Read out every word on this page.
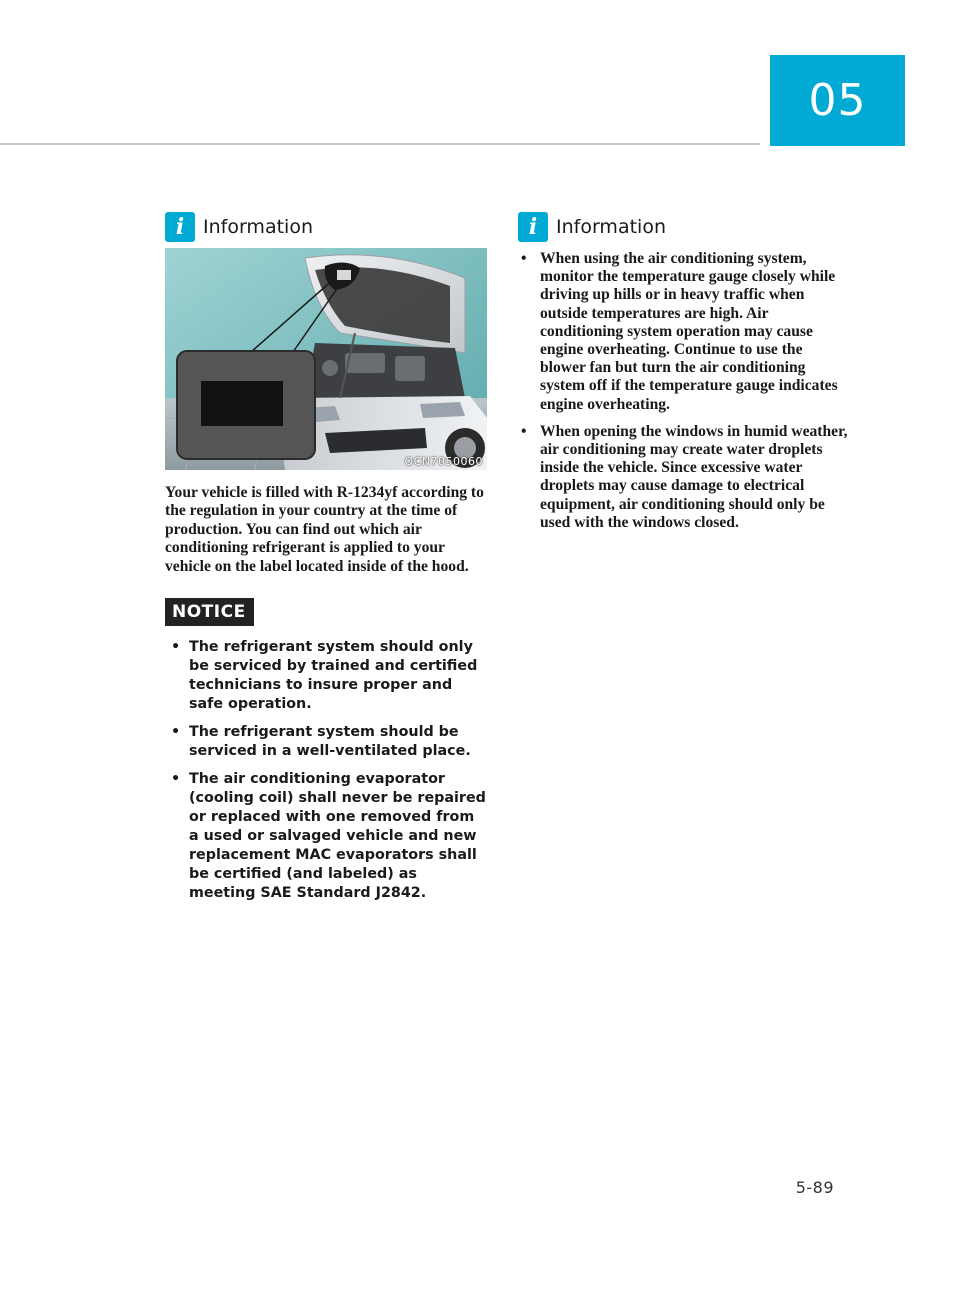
05
i Information
OCN7050060

Your vehicle is filled with R-1234yf according to the regulation in your country at the time of production. You can find out which air conditioning refrigerant is applied to your vehicle on the label located inside of the hood.

NOTICE
• The refrigerant system should only be serviced by trained and certified technicians to insure proper and safe operation.
• The refrigerant system should be serviced in a well-ventilated place.
• The air conditioning evaporator (cooling coil) shall never be repaired or replaced with one removed from a used or salvaged vehicle and new replacement MAC evaporators shall be certified (and labeled) as meeting SAE Standard J2842.
i Information
• When using the air conditioning system, monitor the temperature gauge closely while driving up hills or in heavy traffic when outside temperatures are high. Air conditioning system operation may cause engine overheating. Continue to use the blower fan but turn the air conditioning system off if the temperature gauge indicates engine overheating.
• When opening the windows in humid weather, air conditioning may create water droplets inside the vehicle. Since excessive water droplets may cause damage to electrical equipment, air conditioning should only be used with the windows closed.
5-89
